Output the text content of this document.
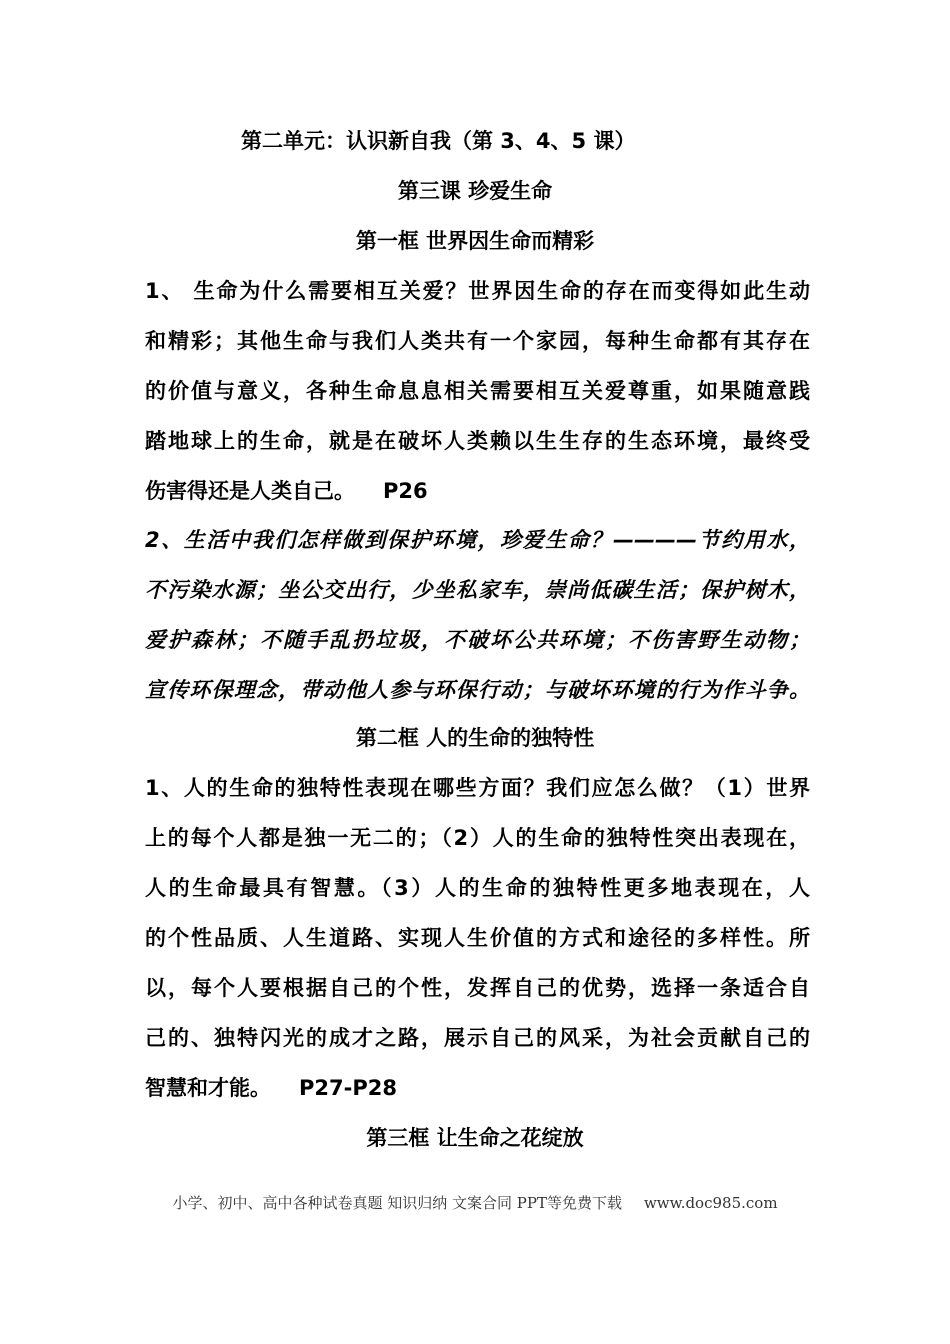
第二单元：认识新自我（第 3、4、5 课）
第三课 珍爱生命
第一框 世界因生命而精彩
1、 生命为什么需要相互关爱？世界因生命的存在而变得如此生动
和精彩；其他生命与我们人类共有一个家园，每种生命都有其存在
的价值与意义，各种生命息息相关需要相互关爱尊重，如果随意践
踏地球上的生命，就是在破坏人类赖以生生存的生态环境，最终受
伤害得还是人类自己。 P26
2、生活中我们怎样做到保护环境，珍爱生命？————节约用水，
不污染水源；坐公交出行，少坐私家车，崇尚低碳生活；保护树木，
爱护森林；不随手乱扔垃圾，不破坏公共环境；不伤害野生动物；
宣传环保理念，带动他人参与环保行动；与破坏环境的行为作斗争。
第二框 人的生命的独特性
1、人的生命的独特性表现在哪些方面？我们应怎么做？（1）世界
上的每个人都是独一无二的；（2）人的生命的独特性突出表现在，
人的生命最具有智慧。（3）人的生命的独特性更多地表现在，人
的个性品质、人生道路、实现人生价值的方式和途径的多样性。所
以，每个人要根据自己的个性，发挥自己的优势，选择一条适合自
己的、独特闪光的成才之路，展示自己的风采，为社会贡献自己的
智慧和才能。 P27-P28
第三框 让生命之花绽放
小学、初中、高中各种试卷真题 知识归纳 文案合同 PPT等免费下载 www.doc985.com
